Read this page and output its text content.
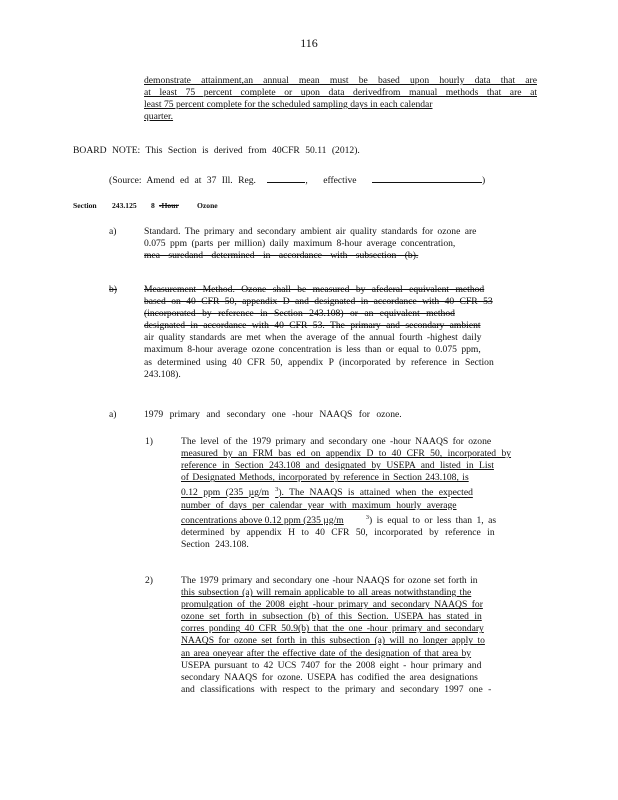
116
demonstrate attainment,an annual mean must be based upon hourly data that are
at least 75 percent complete or upon data derivedfrom manual methods that are at
least 75 percent complete for the scheduled sampling days in each calendar
quarter.
BOARD NOTE: This Section is derived from 40CFR 50.11 (2012).
(Source: Amend ed at 37 Ill. Reg.	, effective	)
Section 243.125 8 -Hour Ozone
a)	Standard. The primary and secondary ambient air quality standards for ozone are
0.075 ppm (parts per million) daily maximum 8-hour average concentration,
mea suredand determined in accordance with subsection (b).
b)	Measurement Method. Ozone shall be measured by afederal equivalent method
based on 40 CFR 50, appendix D and designated in accordance with 40 CFR 53
(incorporated by reference in Section 243.108) or an equivalent method
designated in accordance with 40 CFR 53. The primary and secondary ambient
air quality standards are met when the average of the annual fourth -highest daily
maximum 8-hour average ozone concentration is less than or equal to 0.075 ppm,
as determined using 40 CFR 50, appendix P (incorporated by reference in Section
243.108).
a)	1979 primary and secondary one -hour NAAQS for ozone.
1)	The level of the 1979 primary and secondary one -hour NAAQS for ozone
measured by an FRM bas ed on appendix D to 40 CFR 50, incorporated by
reference in Section 243.108 and designated by USEPA and listed in List
of Designated Methods, incorporated by reference in Section 243.108, is
0.12 ppm (235 µg/m $^3$). The NAAQS is attained when the expected
number of days per calendar year with maximum hourly average
concentrations above 0.12 ppm (235 µg/m	$^3$) is equal to or less than 1, as
determined by appendix H to 40 CFR 50, incorporated by reference in
Section 243.108.
2)	The 1979 primary and secondary one -hour NAAQS for ozone set forth in
this subsection (a) will remain applicable to all areas notwithstanding the
promulgation of the 2008 eight -hour primary and secondary NAAQS for
ozone set forth in subsection (b) of this Section. USEPA has stated in
corres ponding 40 CFR 50.9(b) that the one -hour primary and secondary
NAAQS for ozone set forth in this subsection (a) will no longer apply to
an area oneyear after the effective date of the designation of that area by
USEPA pursuant to 42 UCS 7407 for the 2008 eight - hour primary and
secondary NAAQS for ozone. USEPA has codified the area designations
and classifications with respect to the primary and secondary 1997 one -
